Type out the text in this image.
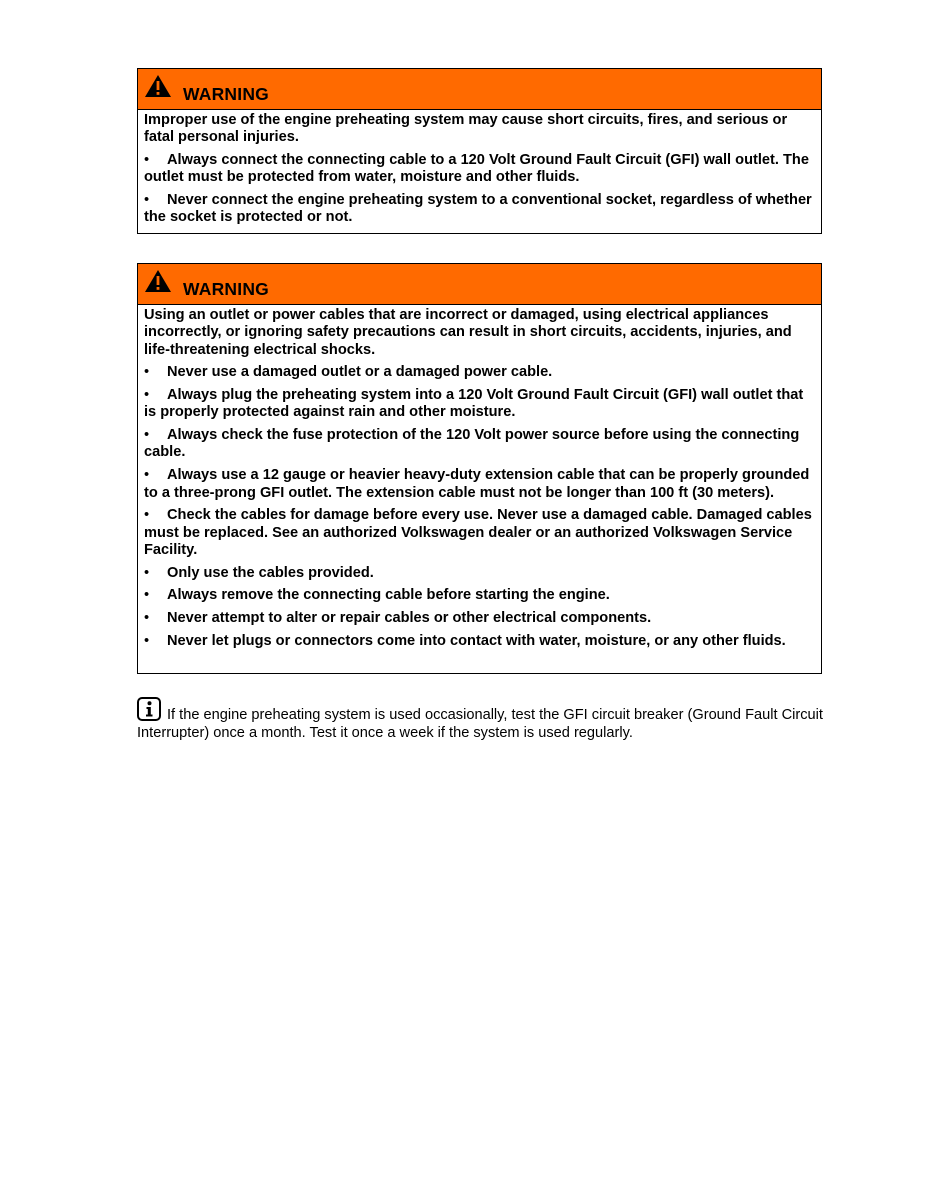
WARNING

Improper use of the engine preheating system may cause short circuits, fires, and serious or fatal personal injuries.

• Always connect the connecting cable to a 120 Volt Ground Fault Circuit (GFI) wall outlet. The outlet must be protected from water, moisture and other fluids.
• Never connect the engine preheating system to a conventional socket, regardless of whether the socket is protected or not.
WARNING

Using an outlet or power cables that are incorrect or damaged, using electrical appliances incorrectly, or ignoring safety precautions can result in short circuits, accidents, injuries, and life-threatening electrical shocks.

• Never use a damaged outlet or a damaged power cable.
• Always plug the preheating system into a 120 Volt Ground Fault Circuit (GFI) wall outlet that is properly protected against rain and other moisture.
• Always check the fuse protection of the 120 Volt power source before using the connecting cable.
• Always use a 12 gauge or heavier heavy-duty extension cable that can be properly grounded to a three-prong GFI outlet. The extension cable must not be longer than 100 ft (30 meters).
• Check the cables for damage before every use. Never use a damaged cable. Damaged cables must be replaced. See an authorized Volkswagen dealer or an authorized Volkswagen Service Facility.
• Only use the cables provided.
• Always remove the connecting cable before starting the engine.
• Never attempt to alter or repair cables or other electrical components.
• Never let plugs or connectors come into contact with water, moisture, or any other fluids.
If the engine preheating system is used occasionally, test the GFI circuit breaker (Ground Fault Circuit Interrupter) once a month. Test it once a week if the system is used regularly.
